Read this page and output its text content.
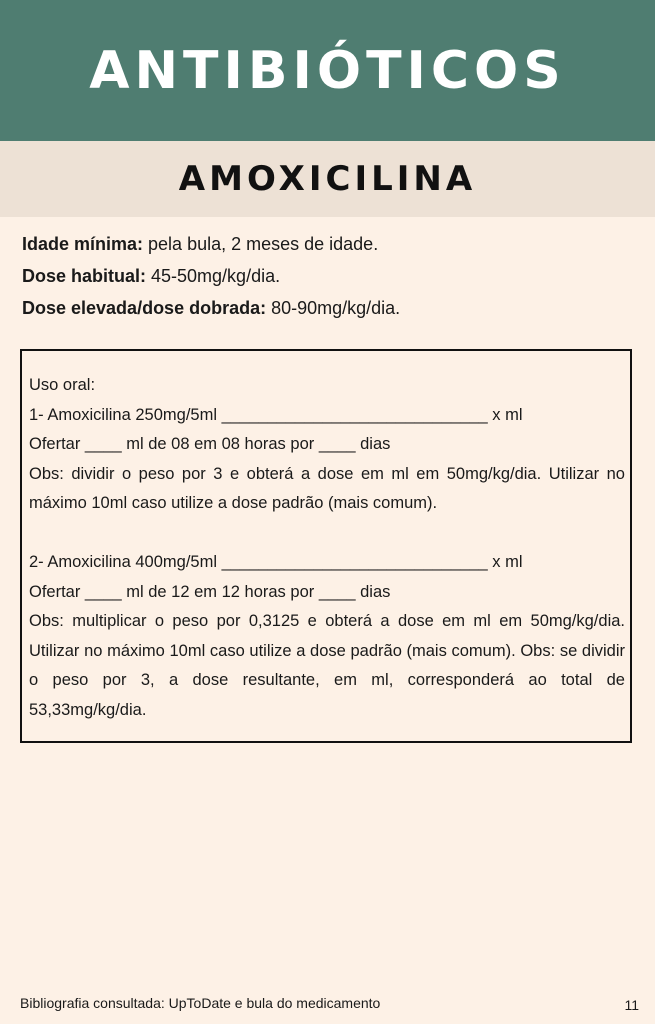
ANTIBIÓTICOS
AMOXICILINA

Idade mínima: pela bula, 2 meses de idade.

Dose habitual: 45-50mg/kg/dia.

Dose elevada/dose dobrada: 80-90mg/kg/dia.

Uso oral:

1- Amoxicilina 250mg/5ml _____________________________ x ml

Ofertar ____ ml de 08 em 08 horas por ____ dias

Obs: dividir o peso por 3 e obterá a dose em ml em 50mg/kg/dia. Utilizar no máximo 10ml caso utilize a dose padrão (mais comum).

2- Amoxicilina 400mg/5ml _____________________________ x ml

Ofertar ____ ml de 12 em 12 horas por ____ dias

Obs: multiplicar o peso por 0,3125 e obterá a dose em ml em 50mg/kg/dia. Utilizar no máximo 10ml caso utilize a dose padrão (mais comum). Obs: se dividir o peso por 3, a dose resultante, em ml, corresponderá ao total de 53,33mg/kg/dia.

Bibliografia consultada: UpToDate e bula do medicamento	11
